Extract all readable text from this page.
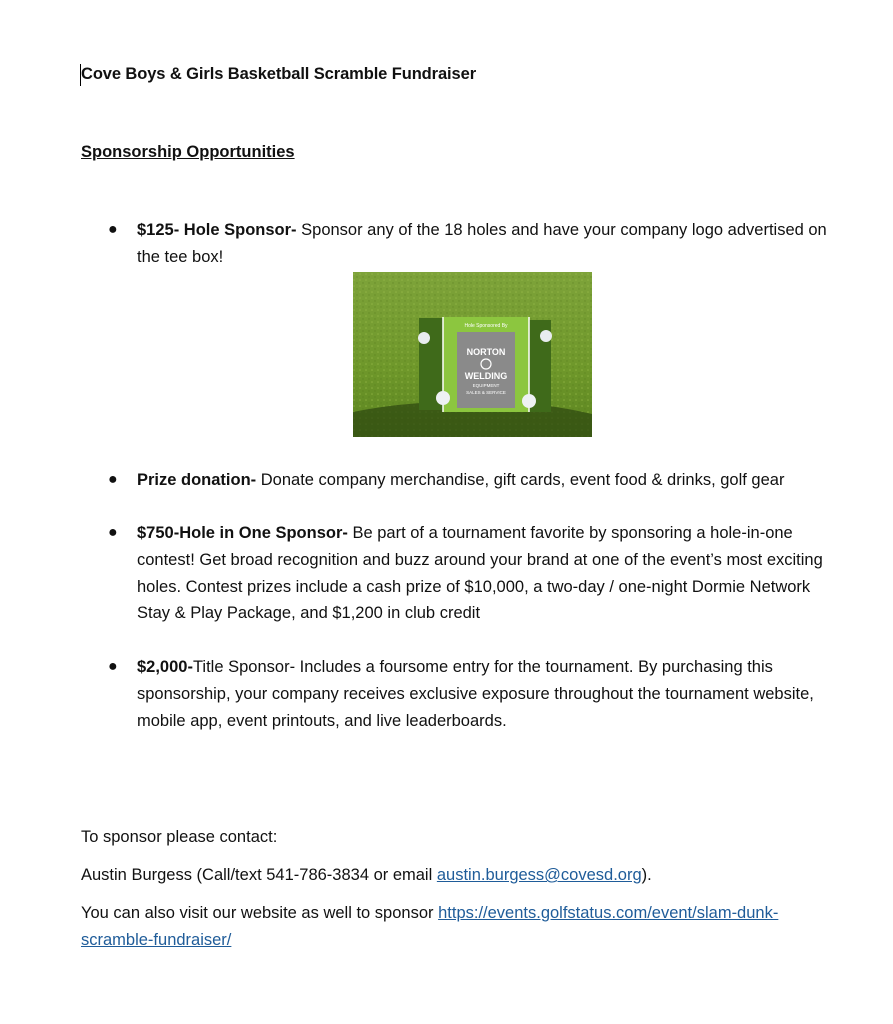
Cove Boys & Girls Basketball Scramble Fundraiser
Sponsorship Opportunities
● $125- Hole Sponsor- Sponsor any of the 18 holes and have your company logo advertised on the tee box!
Hole Sponsored By
NORTON
WELDING
EQUIPMENT
SALES & SERVICE
● Prize donation- Donate company merchandise, gift cards, event food & drinks, golf gear
● $750-Hole in One Sponsor- Be part of a tournament favorite by sponsoring a hole-in-one contest! Get broad recognition and buzz around your brand at one of the event’s most exciting holes. Contest prizes include a cash prize of $10,000, a two-day / one-night Dormie Network Stay & Play Package, and $1,200 in club credit
● $2,000-Title Sponsor- Includes a foursome entry for the tournament. By purchasing this sponsorship, your company receives exclusive exposure throughout the tournament website, mobile app, event printouts, and live leaderboards.
To sponsor please contact:
Austin Burgess (Call/text 541-786-3834 or email austin.burgess@covesd.org).
You can also visit our website as well to sponsor https://events.golfstatus.com/event/slam-dunk-scramble-fundraiser/
